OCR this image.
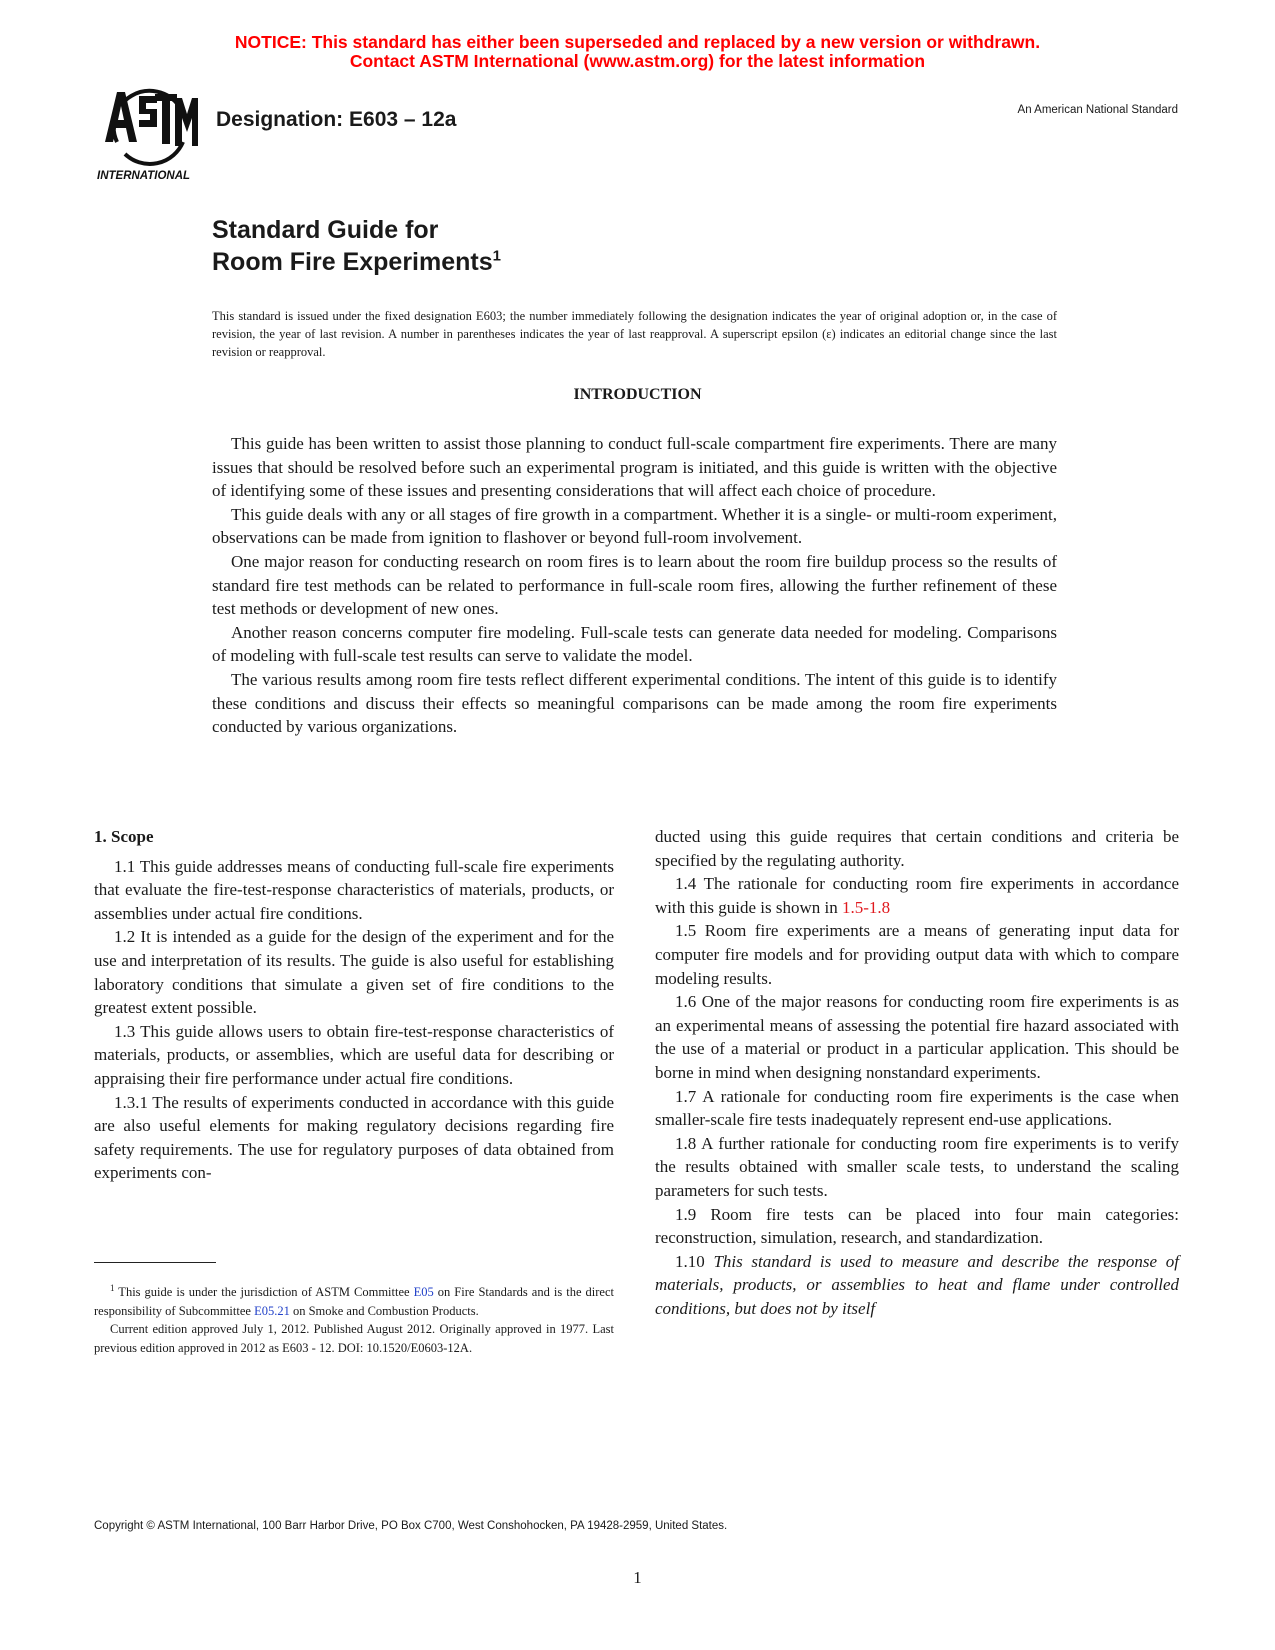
NOTICE: This standard has either been superseded and replaced by a new version or withdrawn.
Contact ASTM International (www.astm.org) for the latest information
INTERNATIONAL
Designation: E603 – 12a	An American National Standard
Standard Guide for
Room Fire Experiments$^1$
This standard is issued under the fixed designation E603; the number immediately following the designation indicates the year of original adoption or, in the case of revision, the year of last revision. A number in parentheses indicates the year of last reapproval. A superscript epsilon (ε) indicates an editorial change since the last revision or reapproval.
INTRODUCTION

This guide has been written to assist those planning to conduct full-scale compartment fire experiments. There are many issues that should be resolved before such an experimental program is initiated, and this guide is written with the objective of identifying some of these issues and presenting considerations that will affect each choice of procedure.

This guide deals with any or all stages of fire growth in a compartment. Whether it is a single- or multi-room experiment, observations can be made from ignition to flashover or beyond full-room involvement.

One major reason for conducting research on room fires is to learn about the room fire buildup process so the results of standard fire test methods can be related to performance in full-scale room fires, allowing the further refinement of these test methods or development of new ones.

Another reason concerns computer fire modeling. Full-scale tests can generate data needed for modeling. Comparisons of modeling with full-scale test results can serve to validate the model.

The various results among room fire tests reflect different experimental conditions. The intent of this guide is to identify these conditions and discuss their effects so meaningful comparisons can be made among the room fire experiments conducted by various organizations.

1. Scope

1.1 This guide addresses means of conducting full-scale fire experiments that evaluate the fire-test-response characteristics of materials, products, or assemblies under actual fire conditions.

1.2 It is intended as a guide for the design of the experiment and for the use and interpretation of its results. The guide is also useful for establishing laboratory conditions that simulate a given set of fire conditions to the greatest extent possible.

1.3 This guide allows users to obtain fire-test-response characteristics of materials, products, or assemblies, which are useful data for describing or appraising their fire performance under actual fire conditions.

1.3.1 The results of experiments conducted in accordance with this guide are also useful elements for making regulatory decisions regarding fire safety requirements. The use for regulatory purposes of data obtained from experiments con-

ducted using this guide requires that certain conditions and criteria be specified by the regulating authority.

1.4 The rationale for conducting room fire experiments in accordance with this guide is shown in 1.5-1.8

1.5 Room fire experiments are a means of generating input data for computer fire models and for providing output data with which to compare modeling results.

1.6 One of the major reasons for conducting room fire experiments is as an experimental means of assessing the potential fire hazard associated with the use of a material or product in a particular application. This should be borne in mind when designing nonstandard experiments.

1.7 A rationale for conducting room fire experiments is the case when smaller-scale fire tests inadequately represent end-use applications.

1.8 A further rationale for conducting room fire experiments is to verify the results obtained with smaller scale tests, to understand the scaling parameters for such tests.

1.9 Room fire tests can be placed into four main categories: reconstruction, simulation, research, and standardization.

1.10 This standard is used to measure and describe the response of materials, products, or assemblies to heat and flame under controlled conditions, but does not by itself

$^1$ This guide is under the jurisdiction of ASTM Committee E05 on Fire Standards and is the direct responsibility of Subcommittee E05.21 on Smoke and Combustion Products.

Current edition approved July 1, 2012. Published August 2012. Originally approved in 1977. Last previous edition approved in 2012 as E603 - 12. DOI: 10.1520/E0603-12A.

Copyright © ASTM International, 100 Barr Harbor Drive, PO Box C700, West Conshohocken, PA 19428-2959, United States.
1
